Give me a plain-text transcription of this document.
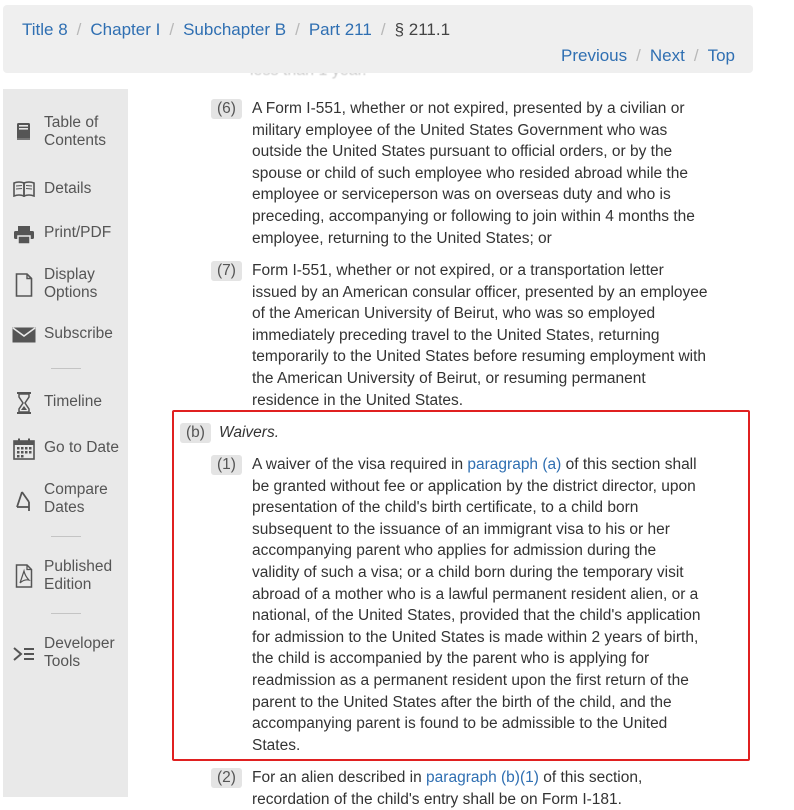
Title 8 / Chapter I / Subchapter B / Part 211 / § 211.1
Previous / Next / Top
Table of
Contents
Details
Print/PDF
Display
Options
Subscribe
Timeline
Go to Date
Compare
Dates
Published
Edition
Developer
Tools
(6)	A Form I-551, whether or not expired, presented by a civilian or
military employee of the United States Government who was
outside the United States pursuant to official orders, or by the
spouse or child of such employee who resided abroad while the
employee or serviceperson was on overseas duty and who is
preceding, accompanying or following to join within 4 months the
employee, returning to the United States; or
(7)	Form I-551, whether or not expired, or a transportation letter
issued by an American consular officer, presented by an employee
of the American University of Beirut, who was so employed
immediately preceding travel to the United States, returning
temporarily to the United States before resuming employment with
the American University of Beirut, or resuming permanent
residence in the United States.
(b) Waivers.
(1)	A waiver of the visa required in paragraph (a) of this section shall
be granted without fee or application by the district director, upon
presentation of the child's birth certificate, to a child born
subsequent to the issuance of an immigrant visa to his or her
accompanying parent who applies for admission during the
validity of such a visa; or a child born during the temporary visit
abroad of a mother who is a lawful permanent resident alien, or a
national, of the United States, provided that the child's application
for admission to the United States is made within 2 years of birth,
the child is accompanied by the parent who is applying for
readmission as a permanent resident upon the first return of the
parent to the United States after the birth of the child, and the
accompanying parent is found to be admissible to the United
States.
(2)	For an alien described in paragraph (b)(1) of this section,
recordation of the child's entry shall be on Form I-181.
